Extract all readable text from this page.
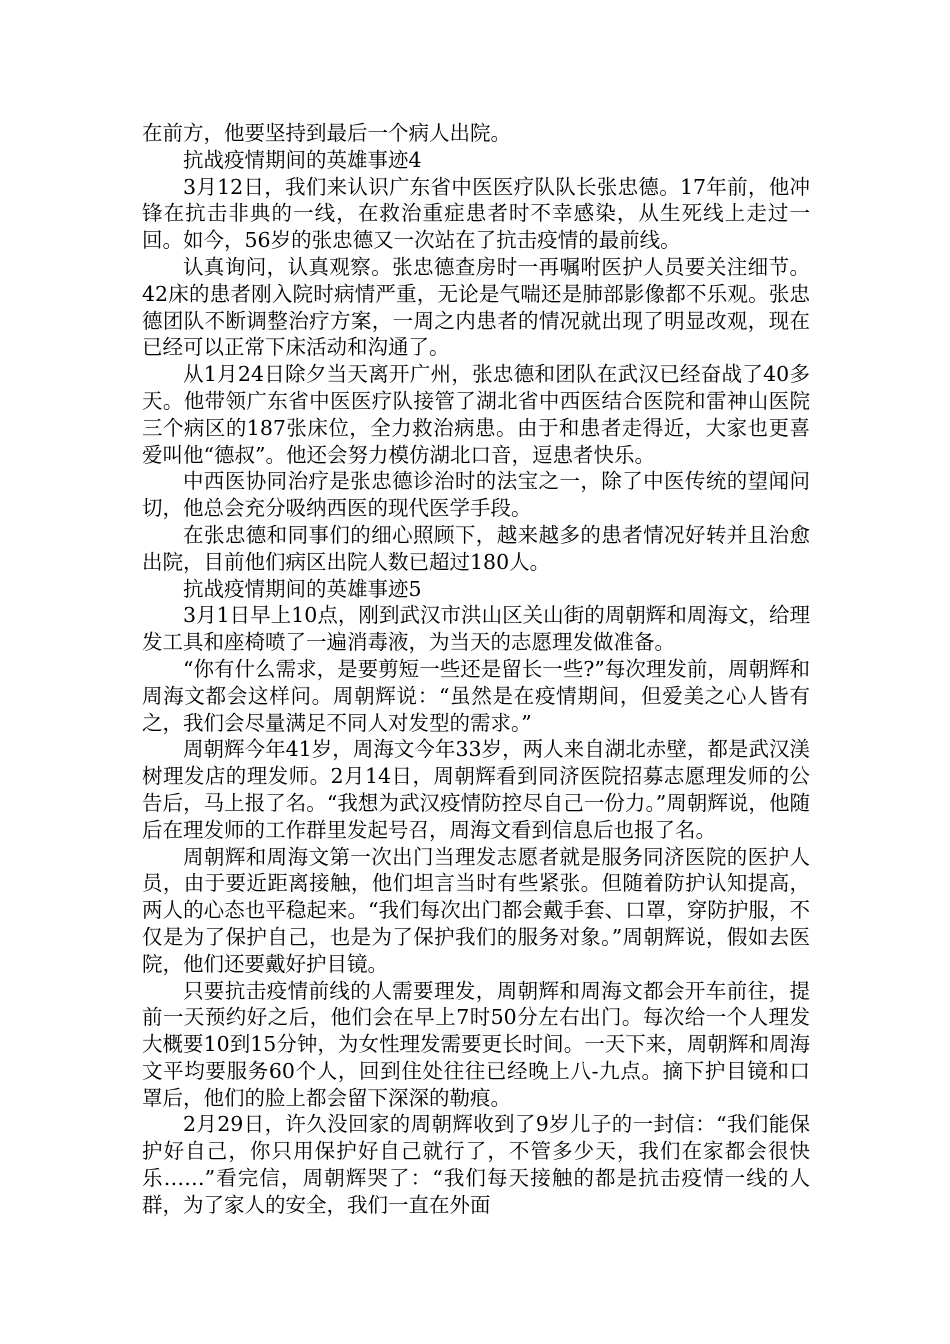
在前方，他要坚持到最后一个病人出院。

抗战疫情期间的英雄事迹4

3月12日，我们来认识广东省中医医疗队队长张忠德。17年前，他冲锋在抗击非典的一线，在救治重症患者时不幸感染，从生死线上走过一回。如今，56岁的张忠德又一次站在了抗击疫情的最前线。

认真询问，认真观察。张忠德查房时一再嘱咐医护人员要关注细节。42床的患者刚入院时病情严重，无论是气喘还是肺部影像都不乐观。张忠德团队不断调整治疗方案，一周之内患者的情况就出现了明显改观，现在已经可以正常下床活动和沟通了。

从1月24日除夕当天离开广州，张忠德和团队在武汉已经奋战了40多天。他带领广东省中医医疗队接管了湖北省中西医结合医院和雷神山医院三个病区的187张床位，全力救治病患。由于和患者走得近，大家也更喜爱叫他“德叔”。他还会努力模仿湖北口音，逗患者快乐。

中西医协同治疗是张忠德诊治时的法宝之一，除了中医传统的望闻问切，他总会充分吸纳西医的现代医学手段。

在张忠德和同事们的细心照顾下，越来越多的患者情况好转并且治愈出院，目前他们病区出院人数已超过180人。

抗战疫情期间的英雄事迹5

3月1日早上10点，刚到武汉市洪山区关山街的周朝辉和周海文，给理发工具和座椅喷了一遍消毒液，为当天的志愿理发做准备。

“你有什么需求，是要剪短一些还是留长一些?”每次理发前，周朝辉和周海文都会这样问。周朝辉说：“虽然是在疫情期间，但爱美之心人皆有之，我们会尽量满足不同人对发型的需求。”

周朝辉今年41岁，周海文今年33岁，两人来自湖北赤壁，都是武汉渼树理发店的理发师。2月14日，周朝辉看到同济医院招募志愿理发师的公告后，马上报了名。“我想为武汉疫情防控尽自己一份力。”周朝辉说，他随后在理发师的工作群里发起号召，周海文看到信息后也报了名。

周朝辉和周海文第一次出门当理发志愿者就是服务同济医院的医护人员，由于要近距离接触，他们坦言当时有些紧张。但随着防护认知提高，两人的心态也平稳起来。“我们每次出门都会戴手套、口罩，穿防护服，不仅是为了保护自己，也是为了保护我们的服务对象。”周朝辉说，假如去医院，他们还要戴好护目镜。

只要抗击疫情前线的人需要理发，周朝辉和周海文都会开车前往，提前一天预约好之后，他们会在早上7时50分左右出门。每次给一个人理发大概要10到15分钟，为女性理发需要更长时间。一天下来，周朝辉和周海文平均要服务60个人，回到住处往往已经晚上八-九点。摘下护目镜和口罩后，他们的脸上都会留下深深的勒痕。

2月29日，许久没回家的周朝辉收到了9岁儿子的一封信：“我们能保护好自己，你只用保护好自己就行了，不管多少天，我们在家都会很快乐……”看完信，周朝辉哭了：“我们每天接触的都是抗击疫情一线的人群，为了家人的安全，我们一直在外面
